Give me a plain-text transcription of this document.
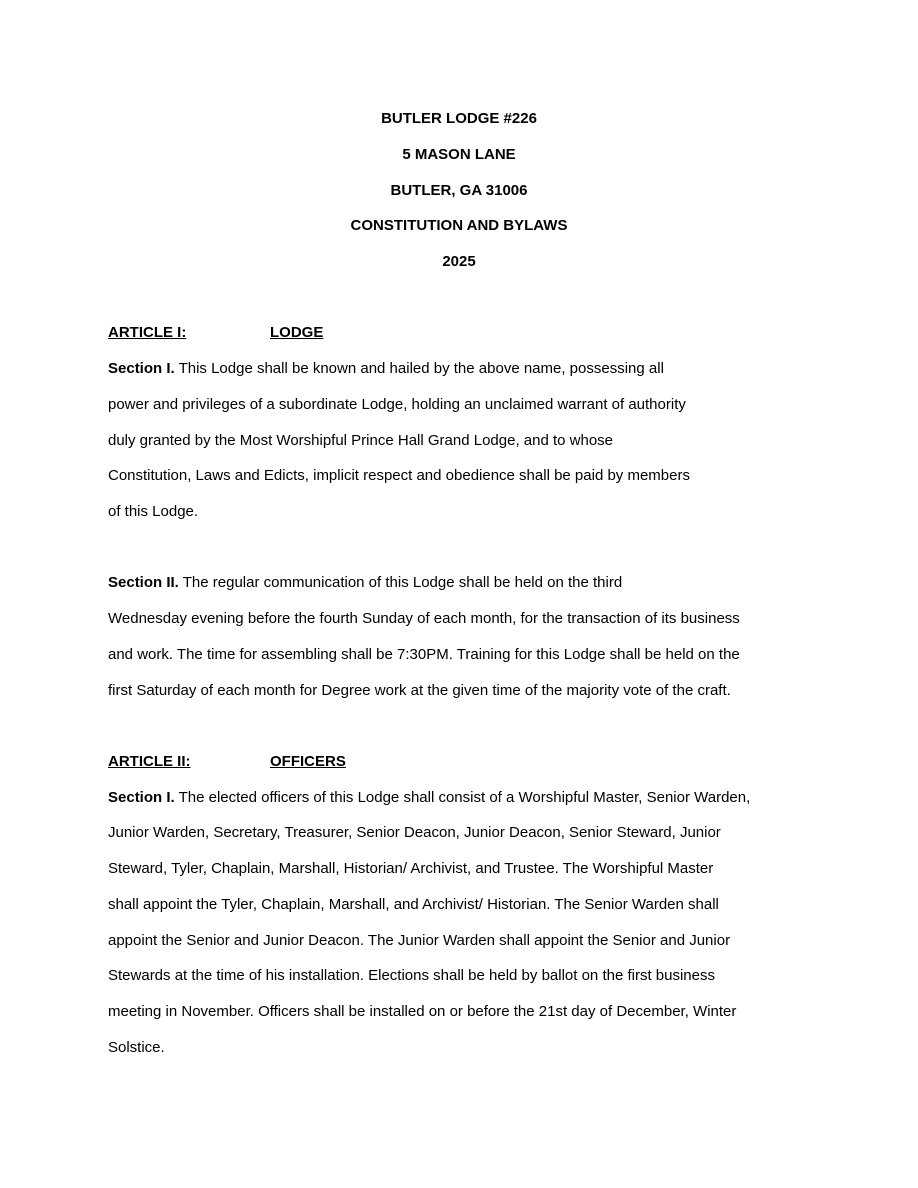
BUTLER LODGE #226
5 MASON LANE
BUTLER, GA 31006
CONSTITUTION AND BYLAWS
2025
ARTICLE I:	LODGE
Section I. This Lodge shall be known and hailed by the above name, possessing all
power and privileges of a subordinate Lodge, holding an unclaimed warrant of authority
duly granted by the Most Worshipful Prince Hall Grand Lodge, and to whose
Constitution, Laws and Edicts, implicit respect and obedience shall be paid by members
of this Lodge.
Section II. The regular communication of this Lodge shall be held on the third
Wednesday evening before the fourth Sunday of each month, for the transaction of its business
and work. The time for assembling shall be 7:30PM. Training for this Lodge shall be held on the
first Saturday of each month for Degree work at the given time of the majority vote of the craft.
ARTICLE II:	OFFICERS
Section I. The elected officers of this Lodge shall consist of a Worshipful Master, Senior Warden,
Junior Warden, Secretary, Treasurer, Senior Deacon, Junior Deacon, Senior Steward, Junior
Steward, Tyler, Chaplain, Marshall, Historian/ Archivist, and Trustee. The Worshipful Master
shall appoint the Tyler, Chaplain, Marshall, and Archivist/ Historian. The Senior Warden shall
appoint the Senior and Junior Deacon. The Junior Warden shall appoint the Senior and Junior
Stewards at the time of his installation. Elections shall be held by ballot on the first business
meeting in November. Officers shall be installed on or before the 21st day of December, Winter
Solstice.
